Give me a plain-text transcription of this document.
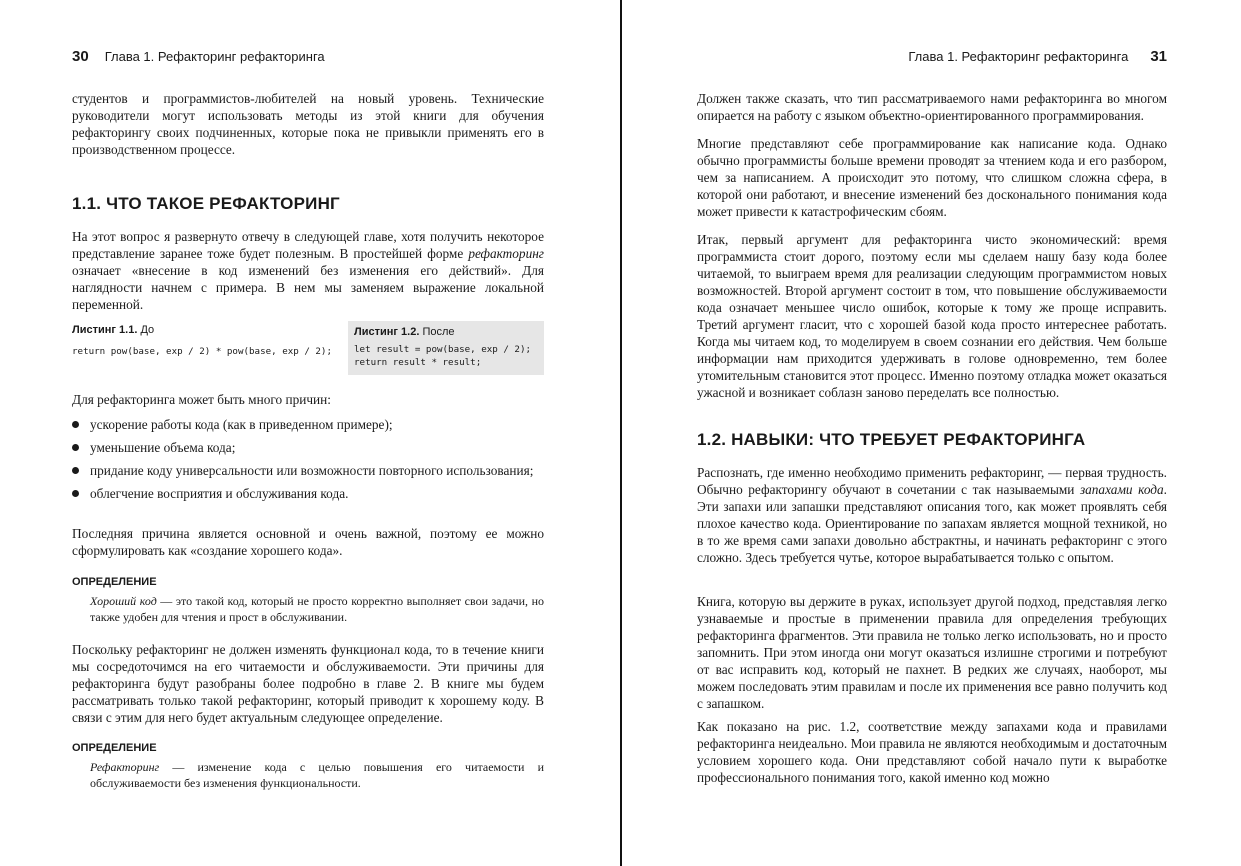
30 Глава 1. Рефакторинг рефакторинга

студентов и программистов-любителей на новый уровень. Технические руководители могут использовать методы из этой книги для обучения рефакторингу своих подчиненных, которые пока не привыкли применять его в производственном процессе.

1.1. ЧТО ТАКОЕ РЕФАКТОРИНГ

На этот вопрос я развернуто отвечу в следующей главе, хотя получить некоторое представление заранее тоже будет полезным. В простейшей форме рефакторинг означает «внесение в код изменений без изменения его действий». Для наглядности начнем с примера. В нем мы заменяем выражение локальной переменной.

Листинг 1.1. До
return pow(base, exp / 2) * pow(base, exp / 2);
Листинг 1.2. После
let result = pow(base, exp / 2);
return result * result;

Для рефакторинга может быть много причин:

ускорение работы кода (как в приведенном примере);
уменьшение объема кода;
придание коду универсальности или возможности повторного использования;
облегчение восприятия и обслуживания кода.

Последняя причина является основной и очень важной, поэтому ее можно сформулировать как «создание хорошего кода».

ОПРЕДЕЛЕНИЕ

Хороший код — это такой код, который не просто корректно выполняет свои задачи, но также удобен для чтения и прост в обслуживании.

Поскольку рефакторинг не должен изменять функционал кода, то в течение книги мы сосредоточимся на его читаемости и обслуживаемости. Эти причины для рефакторинга будут разобраны более подробно в главе 2. В книге мы будем рассматривать только такой рефакторинг, который приводит к хорошему коду. В связи с этим для него будет актуальным следующее определение.

ОПРЕДЕЛЕНИЕ

Рефакторинг — изменение кода с целью повышения его читаемости и обслуживаемости без изменения функциональности.

Глава 1. Рефакторинг рефакторинга 31

Должен также сказать, что тип рассматриваемого нами рефакторинга во многом опирается на работу с языком объектно-ориентированного программирования.

Многие представляют себе программирование как написание кода. Однако обычно программисты больше времени проводят за чтением кода и его разбором, чем за написанием. А происходит это потому, что слишком сложна сфера, в которой они работают, и внесение изменений без досконального понимания кода может привести к катастрофическим сбоям.

Итак, первый аргумент для рефакторинга чисто экономический: время программиста стоит дорого, поэтому если мы сделаем нашу базу кода более читаемой, то выиграем время для реализации следующим программистом новых возможностей. Второй аргумент состоит в том, что повышение обслуживаемости кода означает меньшее число ошибок, которые к тому же проще исправить. Третий аргумент гласит, что с хорошей базой кода просто интереснее работать. Когда мы читаем код, то моделируем в своем сознании его действия. Чем больше информации нам приходится удерживать в голове одновременно, тем более утомительным становится этот процесс. Именно поэтому отладка может оказаться ужасной и возникает соблазн заново переделать все полностью.

1.2. НАВЫКИ: ЧТО ТРЕБУЕТ РЕФАКТОРИНГА

Распознать, где именно необходимо применить рефакторинг, — первая трудность. Обычно рефакторингу обучают в сочетании с так называемыми запахами кода. Эти запахи или запашки представляют описания того, как может проявлять себя плохое качество кода. Ориентирование по запахам является мощной техникой, но в то же время сами запахи довольно абстрактны, и начинать рефакторинг с этого сложно. Здесь требуется чутье, которое вырабатывается только с опытом.

Книга, которую вы держите в руках, использует другой подход, представляя легко узнаваемые и простые в применении правила для определения требующих рефакторинга фрагментов. Эти правила не только легко использовать, но и просто запомнить. При этом иногда они могут оказаться излишне строгими и потребуют от вас исправить код, который не пахнет. В редких же случаях, наоборот, мы можем последовать этим правилам и после их применения все равно получить код с запашком.

Как показано на рис. 1.2, соответствие между запахами кода и правилами рефакторинга неидеально. Мои правила не являются необходимым и достаточным условием хорошего кода. Они представляют собой начало пути к выработке профессионального понимания того, какой именно код можно
